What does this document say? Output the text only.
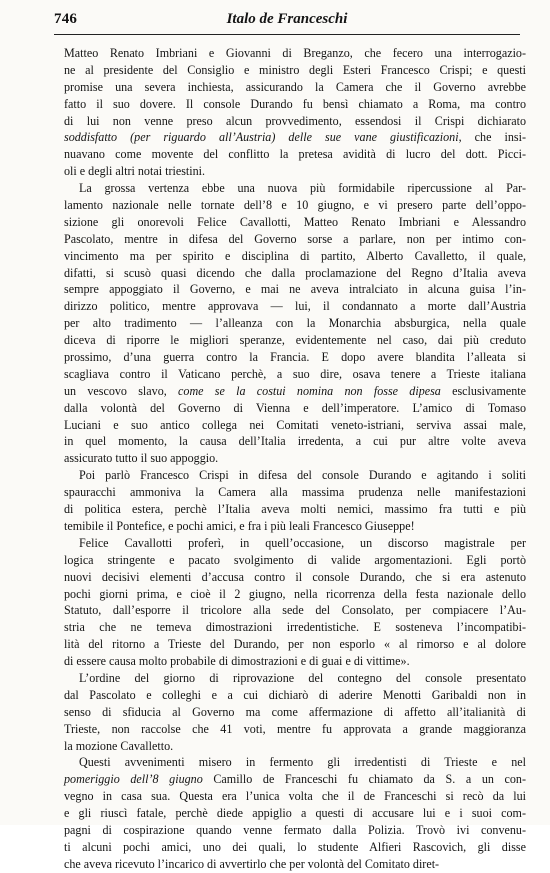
746	Italo de Franceschi
Matteo Renato Imbriani e Giovanni di Breganzo, che fecero una interrogazio-
ne al presidente del Consiglio e ministro degli Esteri Francesco Crispi; e questi
promise una severa inchiesta, assicurando la Camera che il Governo avrebbe
fatto il suo dovere. Il console Durando fu bensì chiamato a Roma, ma contro
di lui non venne preso alcun provvedimento, essendosi il Crispi dichiarato
soddisfatto (per riguardo all’Austria) delle sue vane giustificazioni, che insi-
nuavano come movente del conflitto la pretesa avidità di lucro del dott. Picci-
oli e degli altri notai triestini.
La grossa vertenza ebbe una nuova più formidabile ripercussione al Par-
lamento nazionale nelle tornate dell’8 e 10 giugno, e vi presero parte dell’oppo-
sizione gli onorevoli Felice Cavallotti, Matteo Renato Imbriani e Alessandro
Pascolato, mentre in difesa del Governo sorse a parlare, non per intimo con-
vincimento ma per spirito e disciplina di partito, Alberto Cavalletto, il quale,
difatti, si scusò quasi dicendo che dalla proclamazione del Regno d’Italia aveva
sempre appoggiato il Governo, e mai ne aveva intralciato in alcuna guisa l’in-
dirizzo politico, mentre approvava — lui, il condannato a morte dall’Austria
per alto tradimento — l’alleanza con la Monarchia absburgica, nella quale
diceva di riporre le migliori speranze, evidentemente nel caso, dai più creduto
prossimo, d’una guerra contro la Francia. E dopo avere blandita l’alleata si
scagliava contro il Vaticano perchè, a suo dire, osava tenere a Trieste italiana
un vescovo slavo, come se la costui nomina non fosse dipesa esclusivamente
dalla volontà del Governo di Vienna e dell’imperatore. L’amico di Tomaso
Luciani e suo antico collega nei Comitati veneto-istriani, serviva assai male,
in quel momento, la causa dell’Italia irredenta, a cui pur altre volte aveva
assicurato tutto il suo appoggio.
Poi parlò Francesco Crispi in difesa del console Durando e agitando i soliti
spauracchi ammoniva la Camera alla massima prudenza nelle manifestazioni
di politica estera, perchè l’Italia aveva molti nemici, massimo fra tutti e più
temibile il Pontefice, e pochi amici, e fra i più leali Francesco Giuseppe!
Felice Cavallotti proferì, in quell’occasione, un discorso magistrale per
logica stringente e pacato svolgimento di valide argomentazioni. Egli portò
nuovi decisivi elementi d’accusa contro il console Durando, che si era astenuto
pochi giorni prima, e cioè il 2 giugno, nella ricorrenza della festa nazionale dello
Statuto, dall’esporre il tricolore alla sede del Consolato, per compiacere l’Au-
stria che ne temeva dimostrazioni irredentistiche. E sosteneva l’incompatibi-
lità del ritorno a Trieste del Durando, per non esporlo « al rimorso e al dolore
di essere causa molto probabile di dimostrazioni e di guai e di vittime».
L’ordine del giorno di riprovazione del contegno del console presentato
dal Pascolato e colleghi e a cui dichiarò di aderire Menotti Garibaldi non in
senso di sfiducia al Governo ma come affermazione di affetto all’italianità di
Trieste, non raccolse che 41 voti, mentre fu approvata a grande maggioranza
la mozione Cavalletto.
Questi avvenimenti misero in fermento gli irredentisti di Trieste e nel
pomeriggio dell’8 giugno Camillo de Franceschi fu chiamato da S. a un con-
vegno in casa sua. Questa era l’unica volta che il de Franceschi si recò da lui
e gli riuscì fatale, perchè diede appiglio a questi di accusare lui e i suoi com-
pagni di cospirazione quando venne fermato dalla Polizia. Trovò ivi convenu-
ti alcuni pochi amici, uno dei quali, lo studente Alfieri Rascovich, gli disse
che aveva ricevuto l’incarico di avvertirlo che per volontà del Comitato diret-
